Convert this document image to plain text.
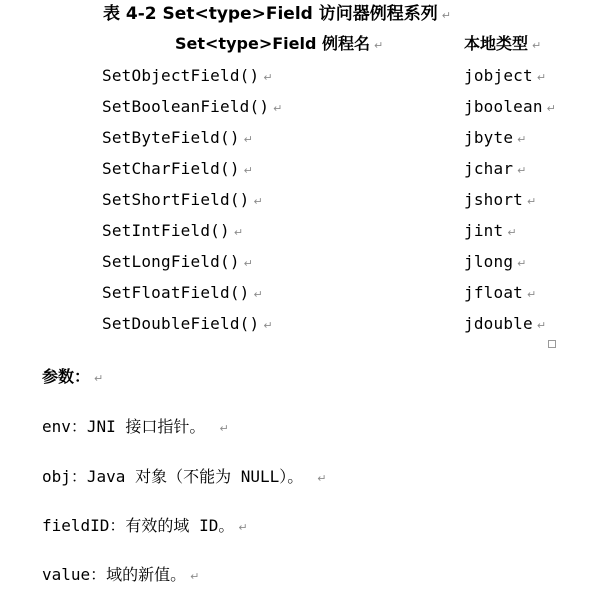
表 4-2 Set<type>Field 访问器例程系列 ↵
Set<type>Field 例程名 ↵	本地类型 ↵
SetObjectField() ↵	jobject ↵
SetBooleanField() ↵	jboolean ↵
SetByteField() ↵	jbyte ↵
SetCharField() ↵	jchar ↵
SetShortField() ↵	jshort ↵
SetIntField() ↵	jint ↵
SetLongField() ↵	jlong ↵
SetFloatField() ↵	jfloat ↵
SetDoubleField() ↵	jdouble ↵
参数： ↵
env：JNI 接口指针。 ↵
obj：Java 对象（不能为 NULL）。 ↵
fieldID：有效的域 ID。 ↵
value：域的新值。 ↵
